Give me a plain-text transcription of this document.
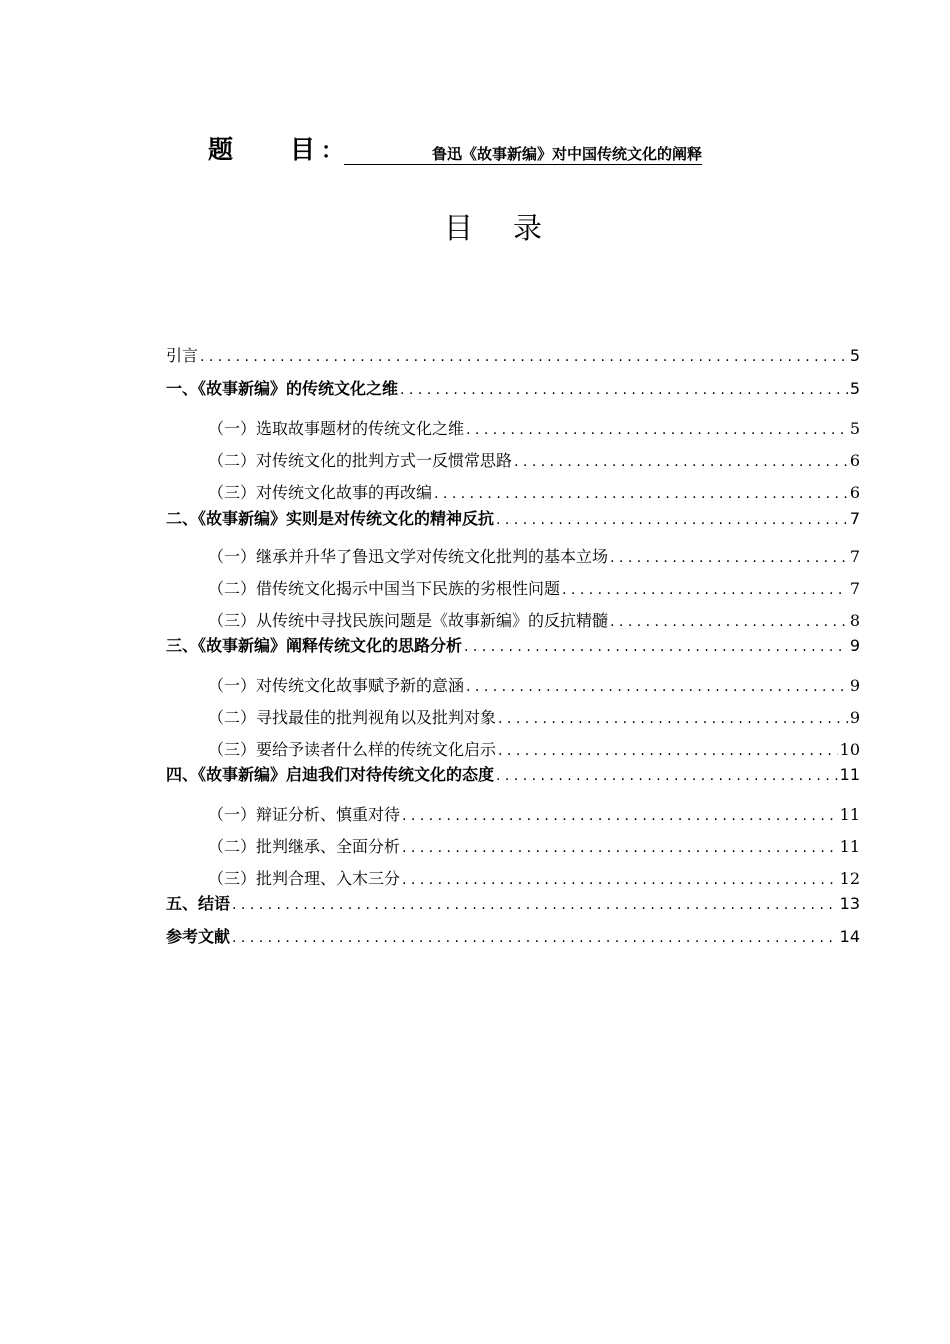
题 目 ：	鲁迅《故事新编》对中国传统文化的阐释
目 录
引言 . . .	5
一、《故事新编》的传统文化之维 . . .	5
（一）选取故事题材的传统文化之维 . . .	5
（二）对传统文化的批判方式一反惯常思路 . . .	6
（三）对传统文化故事的再改编 . . .	6
二、《故事新编》实则是对传统文化的精神反抗 . . .	7
（一）继承并升华了鲁迅文学对传统文化批判的基本立场 . . .	7
（二）借传统文化揭示中国当下民族的劣根性问题 . . .	7
（三）从传统中寻找民族问题是《故事新编》的反抗精髓 . . .	8
三、《故事新编》阐释传统文化的思路分析 . . .	9
（一）对传统文化故事赋予新的意涵 . . .	9
（二）寻找最佳的批判视角以及批判对象 . . .	9
（三）要给予读者什么样的传统文化启示 . . .	10
四、《故事新编》启迪我们对待传统文化的态度 . . .	11
（一）辩证分析、慎重对待 . . .	11
（二）批判继承、全面分析 . . .	11
（三）批判合理、入木三分 . . .	12
五、结语 . . .	13
参考文献 . . .	14
